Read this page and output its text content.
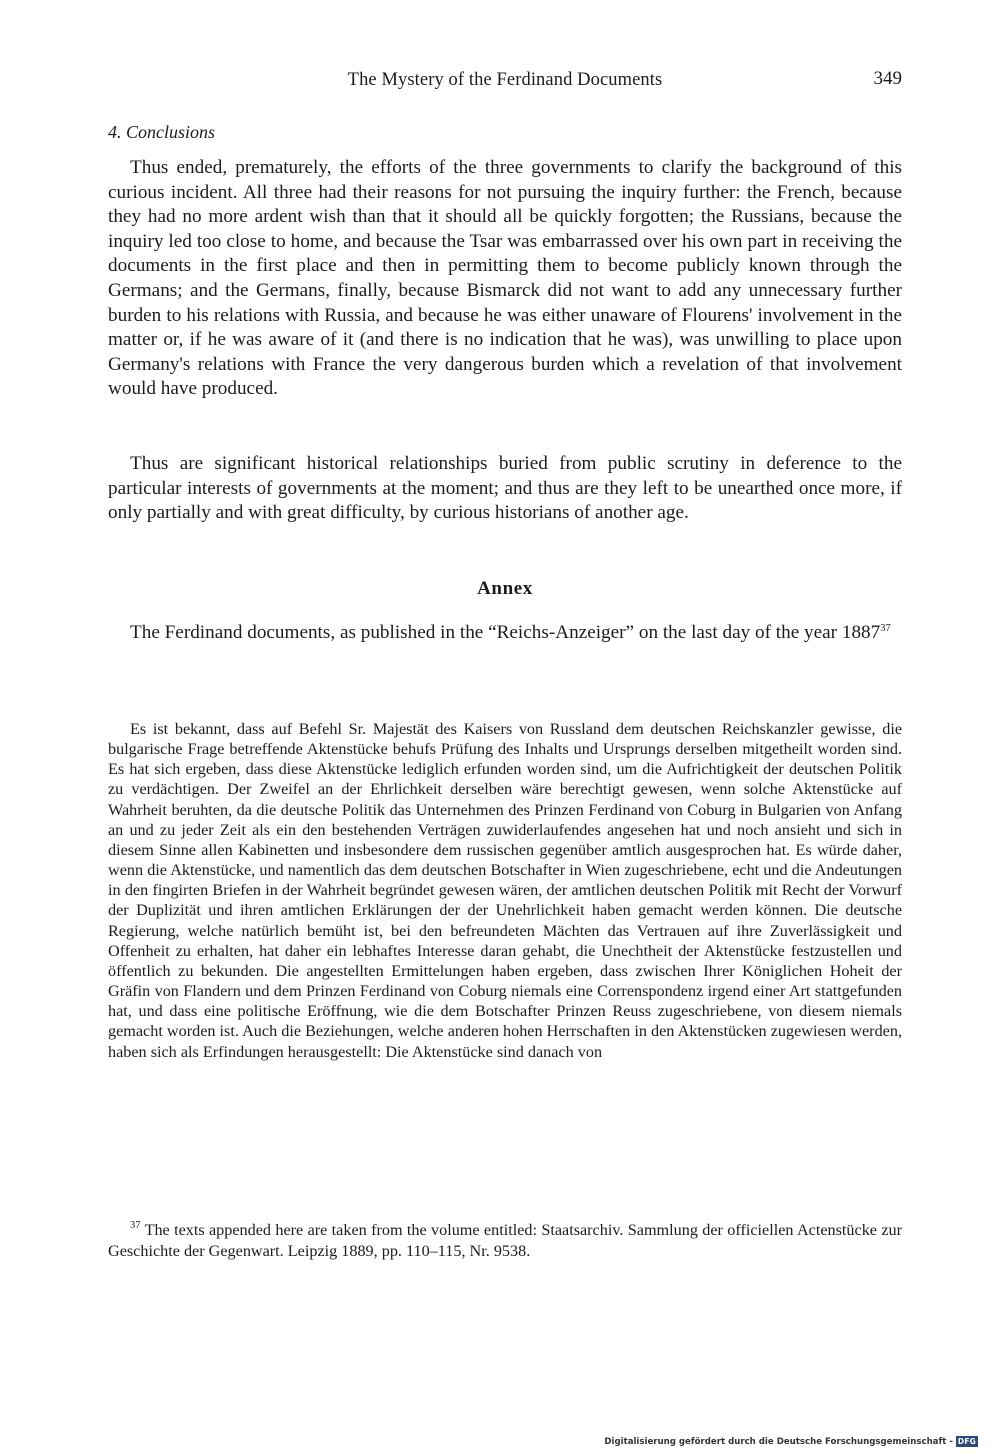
The Mystery of the Ferdinand Documents	349
4. Conclusions

Thus ended, prematurely, the efforts of the three governments to clarify the background of this curious incident. All three had their reasons for not pursuing the inquiry further: the French, because they had no more ardent wish than that it should all be quickly forgotten; the Russians, because the inquiry led too close to home, and because the Tsar was embarrassed over his own part in receiving the documents in the first place and then in permitting them to become publicly known through the Germans; and the Germans, finally, because Bismarck did not want to add any unnecessary further burden to his relations with Russia, and because he was either unaware of Flourens' involvement in the matter or, if he was aware of it (and there is no indication that he was), was unwilling to place upon Germany's relations with France the very dangerous burden which a revelation of that involvement would have produced.

Thus are significant historical relationships buried from public scrutiny in deference to the particular interests of governments at the moment; and thus are they left to be unearthed once more, if only partially and with great difficulty, by curious historians of another age.

Annex

The Ferdinand documents, as published in the “Reichs-Anzeiger” on the last day of the year 1887$^{37}$

Es ist bekannt, dass auf Befehl Sr. Majestät des Kaisers von Russland dem deutschen Reichskanzler gewisse, die bulgarische Frage betreffende Aktenstücke behufs Prüfung des Inhalts und Ursprungs derselben mitgetheilt worden sind. Es hat sich ergeben, dass diese Aktenstücke lediglich erfunden worden sind, um die Aufrichtigkeit der deutschen Politik zu verdächtigen. Der Zweifel an der Ehrlichkeit derselben wäre berechtigt gewesen, wenn solche Aktenstücke auf Wahrheit beruhten, da die deutsche Politik das Unternehmen des Prinzen Ferdinand von Coburg in Bulgarien von Anfang an und zu jeder Zeit als ein den bestehenden Verträgen zuwiderlaufendes angesehen hat und noch ansieht und sich in diesem Sinne allen Kabinetten und insbesondere dem russischen gegenüber amtlich ausgesprochen hat. Es würde daher, wenn die Aktenstücke, und namentlich das dem deutschen Botschafter in Wien zugeschriebene, echt und die Andeutungen in den fingirten Briefen in der Wahrheit begründet gewesen wären, der amtlichen deutschen Politik mit Recht der Vorwurf der Duplizität und ihren amtlichen Erklärungen der der Unehrlichkeit haben gemacht werden können. Die deutsche Regierung, welche natürlich bemüht ist, bei den befreundeten Mächten das Vertrauen auf ihre Zuverlässigkeit und Offenheit zu erhalten, hat daher ein lebhaftes Interesse daran gehabt, die Unechtheit der Aktenstücke festzustellen und öffentlich zu bekunden. Die angestellten Ermittelungen haben ergeben, dass zwischen Ihrer Königlichen Hoheit der Gräfin von Flandern und dem Prinzen Ferdinand von Coburg niemals eine Correnspondenz irgend einer Art stattgefunden hat, und dass eine politische Eröffnung, wie die dem Botschafter Prinzen Reuss zugeschriebene, von diesem niemals gemacht worden ist. Auch die Beziehungen, welche anderen hohen Herrschaften in den Aktenstücken zugewiesen werden, haben sich als Erfindungen herausgestellt: Die Aktenstücke sind danach von

$^{37}$ The texts appended here are taken from the volume entitled: Staatsarchiv. Sammlung der officiellen Actenstücke zur Geschichte der Gegenwart. Leipzig 1889, pp. 110–115, Nr. 9538.

Digitalisierung gefördert durch die Deutsche Forschungsgemeinschaft - DFG
